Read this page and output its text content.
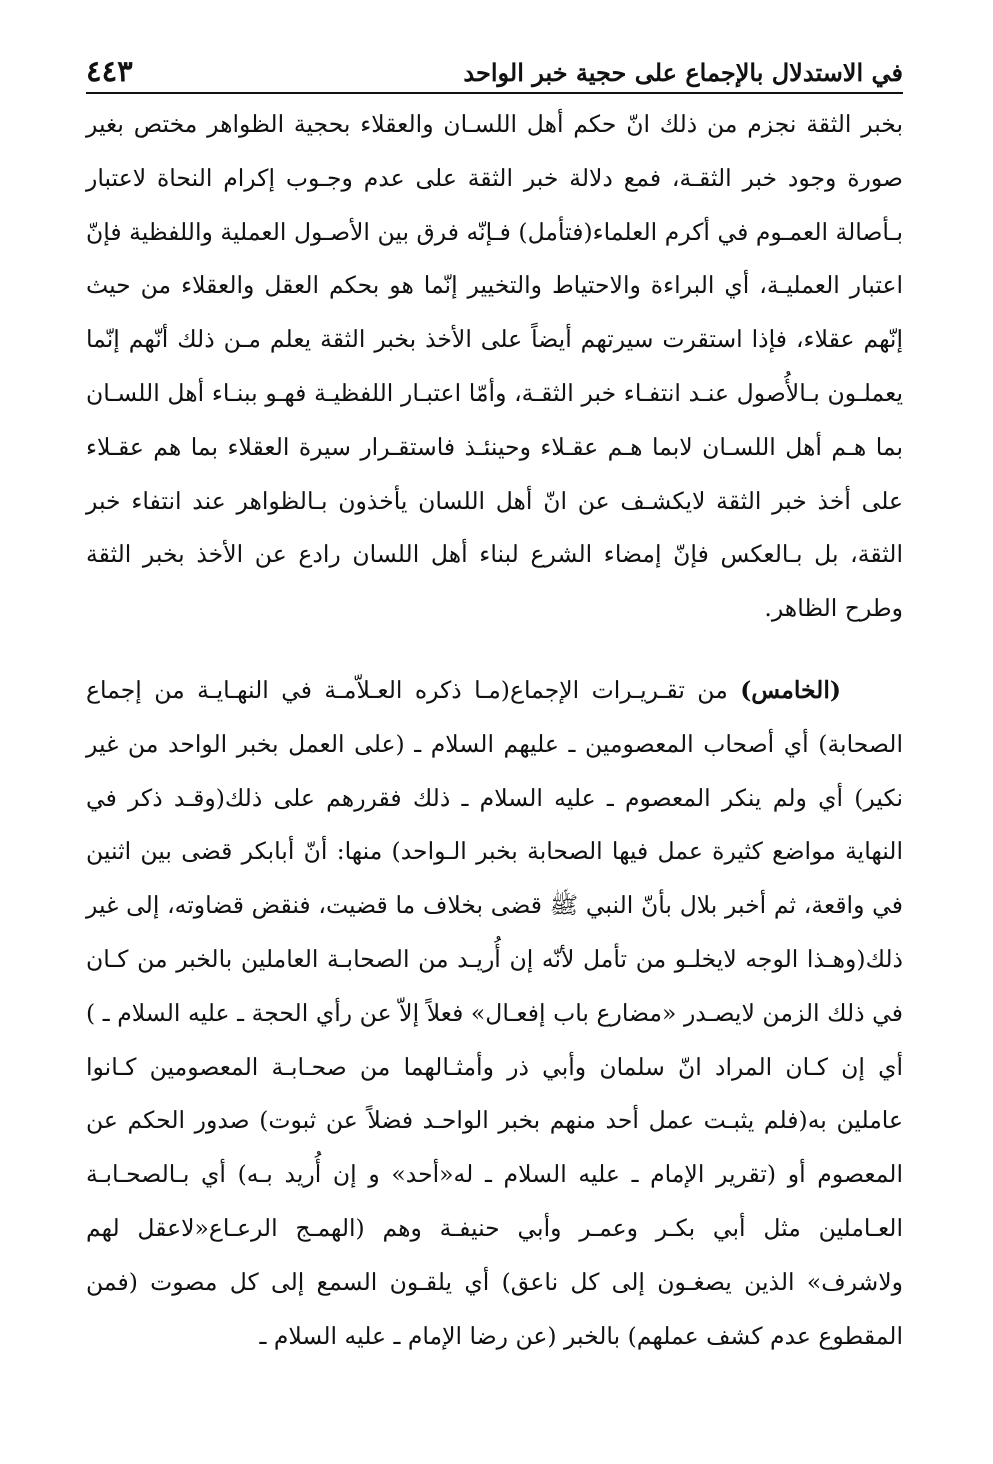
في الاستدلال بالإجماع على حجية خبر الواحد
٤٤٣

بخبر الثقة نجزم من ذلك انّ حكم أهل اللسـان والعقلاء بحجية الظواهر مختص بغير صورة وجود خبر الثقـة، فمع دلالة خبر الثقة على عدم وجـوب إكرام النحاة لاعتبار بـأصالة العمـوم في أكرم العلماء(فتأمل) فـإنّه فرق بين الأصـول العملية واللفظية فإنّ اعتبار العمليـة، أي البراءة والاحتياط والتخيير إنّما هو بحكم العقل والعقلاء من حيث إنّهم عقلاء، فإذا استقرت سيرتهم أيضاً على الأخذ بخبر الثقة يعلم مـن ذلك أنّهم إنّما يعملـون بـالأُصول عنـد انتفـاء خبر الثقـة، وأمّا اعتبـار اللفظيـة فهـو ببنـاء أهل اللسـان بما هـم أهل اللسـان لابما هـم عقـلاء وحينئـذ فاستقـرار سيرة العقلاء بما هم عقـلاء على أخذ خبر الثقة لايكشـف عن انّ أهل اللسان يأخذون بـالظواهر عند انتفاء خبر الثقة، بل بـالعكس فإنّ إمضاء الشرع لبناء أهل اللسان رادع عن الأخذ بخبر الثقة وطرح الظاهر.

(الخامس) من تقـريـرات الإجماع(مـا ذكره العـلاّمـة في النهـايـة من إجماع الصحابة) أي أصحاب المعصومين ـ عليهم السلام ـ (على العمل بخبر الواحد من غير نكير) أي ولم ينكر المعصوم ـ عليه السلام ـ ذلك فقررهم على ذلك(وقـد ذكر في النهاية مواضع كثيرة عمل فيها الصحابة بخبر الـواحد) منها: أنّ أبابكر قضى بين اثنين في واقعة، ثم أخبر بلال بأنّ النبي ﷺ قضى بخلاف ما قضيت، فنقض قضاوته، إلى غير ذلك(وهـذا الوجه لايخلـو من تأمل لأنّه إن أُريـد من الصحابـة العاملين بالخبر من كـان في ذلك الزمن لايصـدر «مضارع باب إفعـال» فعلاً إلاّ عن رأي الحجة ـ عليه السلام ـ ) أي إن كـان المراد انّ سلمان وأبي ذر وأمثـالهما من صحـابـة المعصومين كـانوا عاملين به(فلم يثبـت عمل أحد منهم بخبر الواحـد فضلاً عن ثبوت) صدور الحكم عن المعصوم أو (تقرير الإمام ـ عليه السلام ـ له«أحد» و إن أُريد بـه) أي بـالصحـابـة العـاملين مثل أبي بكـر وعمـر وأبي حنيفـة وهم (الهمـج الرعـاع«لاعقل لهم ولاشرف» الذين يصغـون إلى كل ناعق) أي يلقـون السمع إلى كل مصوت (فمن المقطوع عدم كشف عملهم) بالخبر (عن رضا الإمام ـ عليه السلام ـ
